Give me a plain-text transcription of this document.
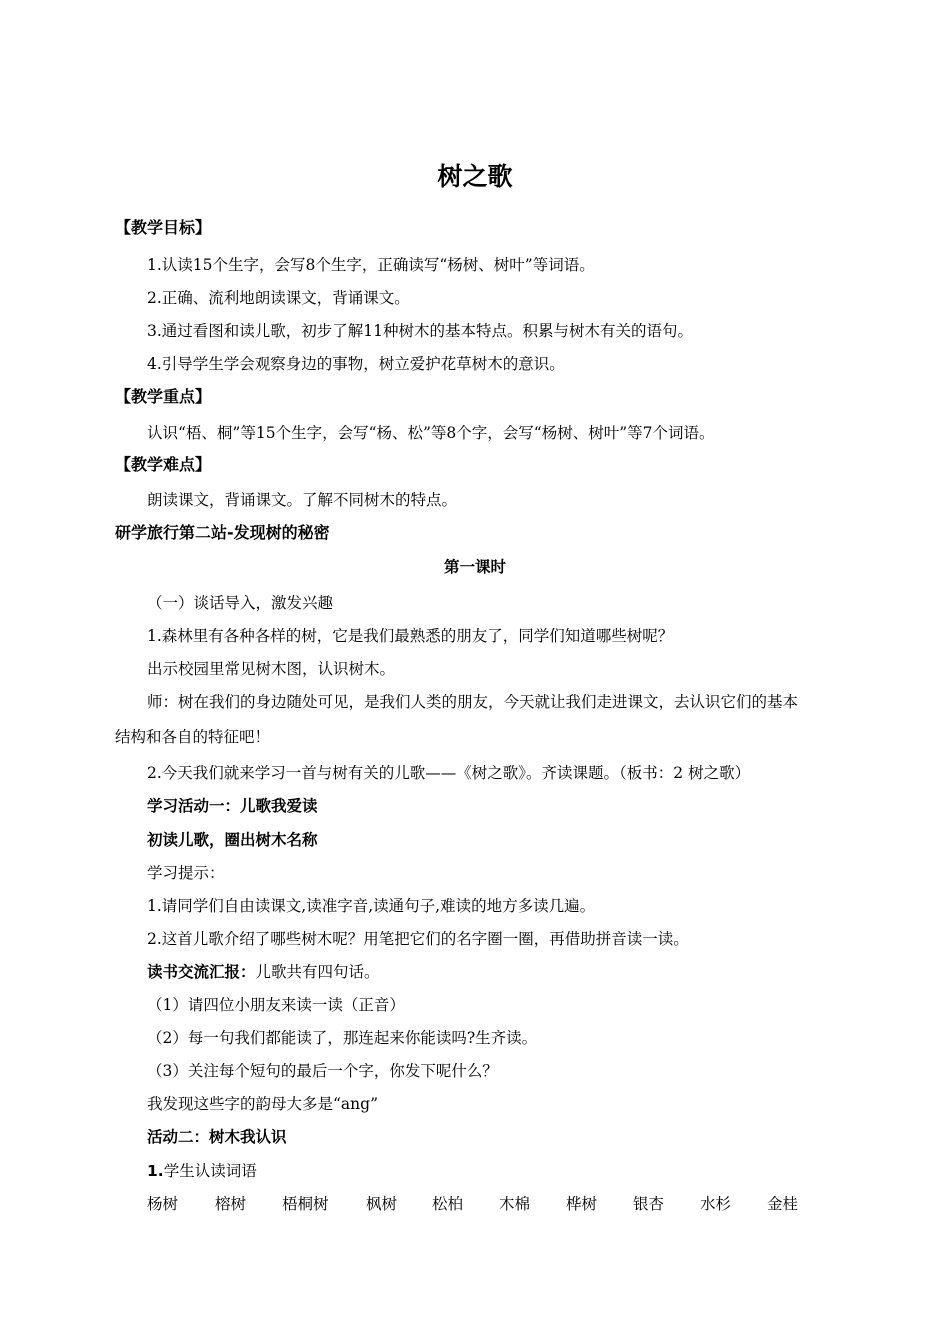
树之歌
【教学目标】
1.认读15个生字，会写8个生字，正确读写“杨树、树叶”等词语。
2.正确、流利地朗读课文，背诵课文。
3.通过看图和读儿歌，初步了解11种树木的基本特点。积累与树木有关的语句。
4.引导学生学会观察身边的事物，树立爱护花草树木的意识。
【教学重点】
认识“梧、桐”等15个生字，会写“杨、松”等8个字，会写“杨树、树叶”等7个词语。
【教学难点】
朗读课文，背诵课文。了解不同树木的特点。
研学旅行第二站-发现树的秘密
第一课时
（一）谈话导入，激发兴趣
1.森林里有各种各样的树，它是我们最熟悉的朋友了，同学们知道哪些树呢？
出示校园里常见树木图，认识树木。
师：树在我们的身边随处可见，是我们人类的朋友，今天就让我们走进课文，去认识它们的基本
结构和各自的特征吧！
2.今天我们就来学习一首与树有关的儿歌——《树之歌》。齐读课题。（板书：2 树之歌）
学习活动一：儿歌我爱读
初读儿歌，圈出树木名称
学习提示：
1.请同学们自由读课文,读准字音,读通句子,难读的地方多读几遍。
2.这首儿歌介绍了哪些树木呢？用笔把它们的名字圈一圈，再借助拼音读一读。
读书交流汇报：儿歌共有四句话。
（1）请四位小朋友来读一读（正音）
（2）每一句我们都能读了，那连起来你能读吗?生齐读。
（3）关注每个短句的最后一个字，你发下呢什么？
我发现这些字的韵母大多是“ang”
活动二：树木我认识
1.学生认读词语
杨树 榕树 梧桐树 枫树 松柏 木棉 桦树 银杏 水杉 金桂
